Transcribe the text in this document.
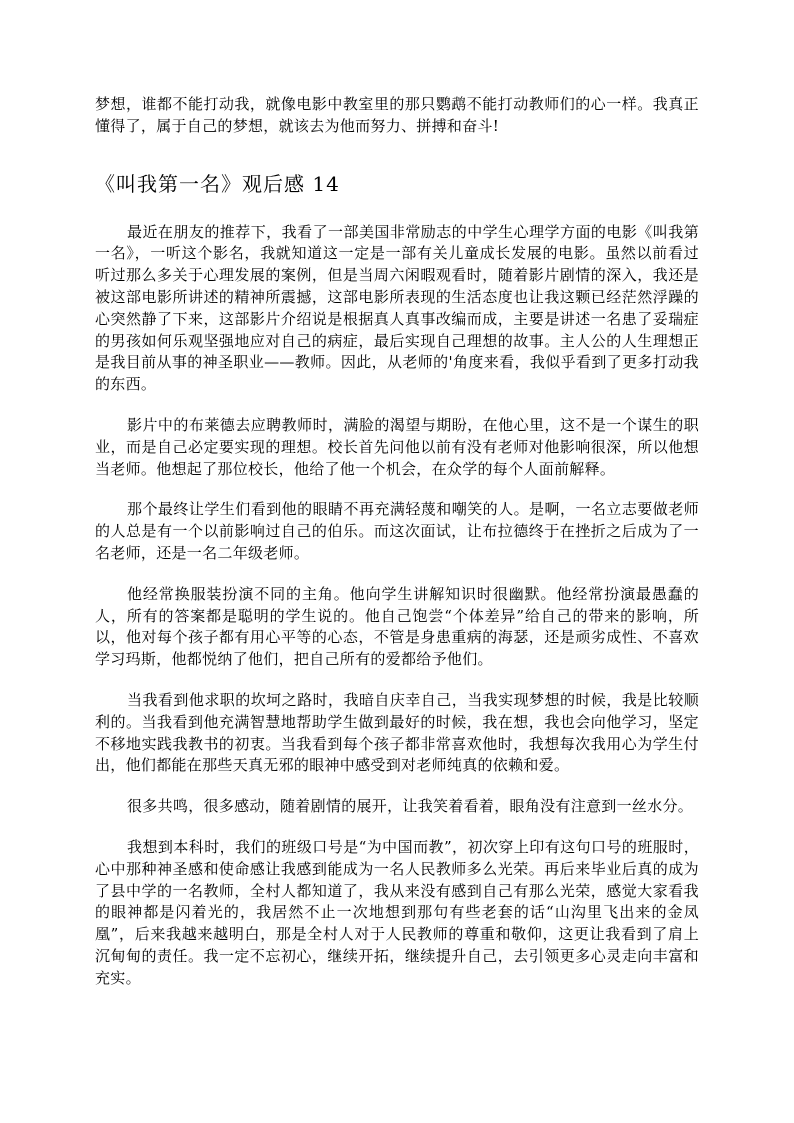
梦想，谁都不能打动我，就像电影中教室里的那只鹦鹉不能打动教师们的心一样。我真正懂得了，属于自己的梦想，就该去为他而努力、拼搏和奋斗!

《叫我第一名》观后感 14

最近在朋友的推荐下，我看了一部美国非常励志的中学生心理学方面的电影《叫我第一名》，一听这个影名，我就知道这一定是一部有关儿童成长发展的电影。虽然以前看过听过那么多关于心理发展的案例，但是当周六闲暇观看时，随着影片剧情的深入，我还是被这部电影所讲述的精神所震撼，这部电影所表现的生活态度也让我这颗已经茫然浮躁的心突然静了下来，这部影片介绍说是根据真人真事改编而成，主要是讲述一名患了妥瑞症的男孩如何乐观坚强地应对自己的病症，最后实现自己理想的故事。主人公的人生理想正是我目前从事的神圣职业——教师。因此，从老师的'角度来看，我似乎看到了更多打动我的东西。

影片中的布莱德去应聘教师时，满脸的渴望与期盼，在他心里，这不是一个谋生的职业，而是自己必定要实现的理想。校长首先问他以前有没有老师对他影响很深，所以他想当老师。他想起了那位校长，他给了他一个机会，在众学的每个人面前解释。

那个最终让学生们看到他的眼睛不再充满轻蔑和嘲笑的人。是啊，一名立志要做老师的人总是有一个以前影响过自己的伯乐。而这次面试，让布拉德终于在挫折之后成为了一名老师，还是一名二年级老师。

他经常换服装扮演不同的主角。他向学生讲解知识时很幽默。他经常扮演最愚蠢的人，所有的答案都是聪明的学生说的。他自己饱尝“个体差异”给自己的带来的影响，所以，他对每个孩子都有用心平等的心态，不管是身患重病的海瑟，还是顽劣成性、不喜欢学习玛斯，他都悦纳了他们，把自己所有的爱都给予他们。

当我看到他求职的坎坷之路时，我暗自庆幸自己，当我实现梦想的时候，我是比较顺利的。当我看到他充满智慧地帮助学生做到最好的时候，我在想，我也会向他学习，坚定不移地实践我教书的初衷。当我看到每个孩子都非常喜欢他时，我想每次我用心为学生付出，他们都能在那些天真无邪的眼神中感受到对老师纯真的依赖和爱。

很多共鸣，很多感动，随着剧情的展开，让我笑着看着，眼角没有注意到一丝水分。

我想到本科时，我们的班级口号是“为中国而教”，初次穿上印有这句口号的班服时，心中那种神圣感和使命感让我感到能成为一名人民教师多么光荣。再后来毕业后真的成为了县中学的一名教师，全村人都知道了，我从来没有感到自己有那么光荣，感觉大家看我的眼神都是闪着光的，我居然不止一次地想到那句有些老套的话“山沟里飞出来的金凤凰”，后来我越来越明白，那是全村人对于人民教师的尊重和敬仰，这更让我看到了肩上沉甸甸的责任。我一定不忘初心，继续开拓，继续提升自己，去引领更多心灵走向丰富和充实。
